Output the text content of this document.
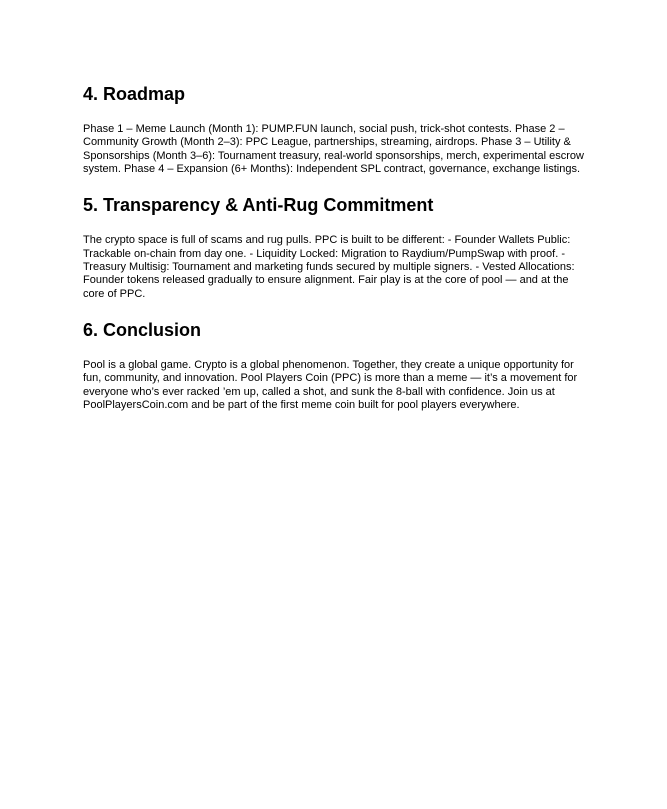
4. Roadmap

Phase 1 – Meme Launch (Month 1): PUMP.FUN launch, social push, trick-shot contests. Phase 2 – Community Growth (Month 2–3): PPC League, partnerships, streaming, airdrops. Phase 3 – Utility & Sponsorships (Month 3–6): Tournament treasury, real-world sponsorships, merch, experimental escrow system. Phase 4 – Expansion (6+ Months): Independent SPL contract, governance, exchange listings.

5. Transparency & Anti-Rug Commitment

The crypto space is full of scams and rug pulls. PPC is built to be different: - Founder Wallets Public: Trackable on-chain from day one. - Liquidity Locked: Migration to Raydium/PumpSwap with proof. - Treasury Multisig: Tournament and marketing funds secured by multiple signers. - Vested Allocations: Founder tokens released gradually to ensure alignment. Fair play is at the core of pool — and at the core of PPC.

6. Conclusion

Pool is a global game. Crypto is a global phenomenon. Together, they create a unique opportunity for fun, community, and innovation. Pool Players Coin (PPC) is more than a meme — it’s a movement for everyone who’s ever racked ’em up, called a shot, and sunk the 8-ball with confidence. Join us at PoolPlayersCoin.com and be part of the first meme coin built for pool players everywhere.
